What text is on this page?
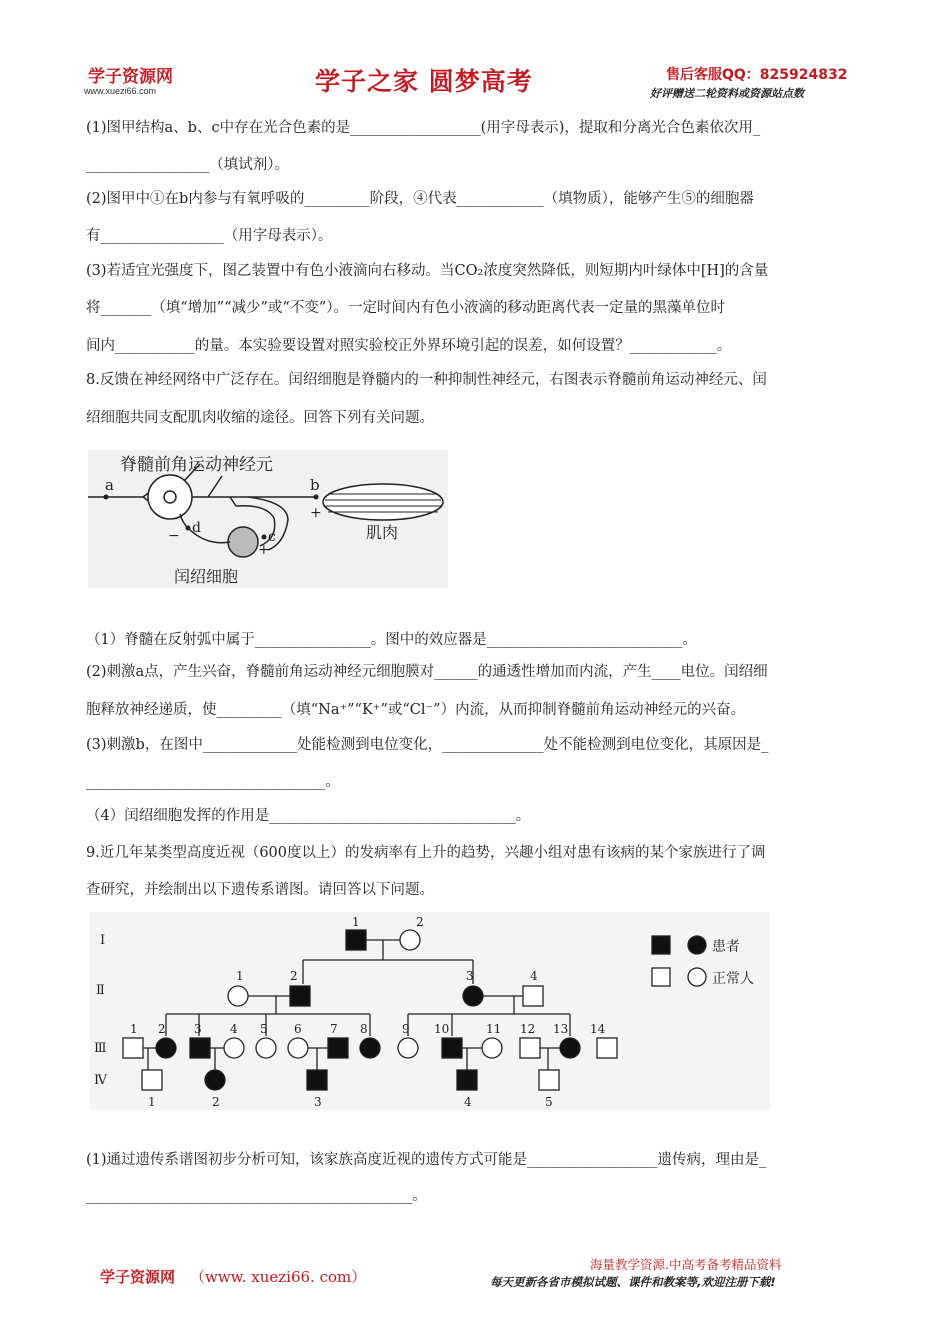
学子资源网
www.xuezi66.com	学子之家 圆梦高考	售后客服QQ：825924832
好评赠送二轮资料或资源站点数
(1)图甲结构a、b、c中存在光合色素的是__________________(用字母表示)，提取和分离光合色素依次用_
_________________（填试剂）。
(2)图甲中①在b内参与有氧呼吸的_________阶段，④代表____________（填物质），能够产生⑤的细胞器
有_________________（用字母表示）。
(3)若适宜光强度下，图乙装置中有色小液滴向右移动。当CO₂浓度突然降低，则短期内叶绿体中[H]的含量
将_______（填“增加”“减少”或“不变”）。一定时间内有色小液滴的移动距离代表一定量的黑藻单位时
间内___________的量。本实验要设置对照实验校正外界环境引起的误差，如何设置？____________。
8.反馈在神经网络中广泛存在。闰绍细胞是脊髓内的一种抑制性神经元，右图表示脊髓前角运动神经元、闰
绍细胞共同支配肌肉收缩的途径。回答下列有关问题。
脊髓前角运动神经元
a	b
+
肌肉
d
−	c
+
闰绍细胞
（1）脊髓在反射弧中属于________________。图中的效应器是___________________________。
(2)刺激a点，产生兴奋，脊髓前角运动神经元细胞膜对______的通透性增加而内流，产生____电位。闰绍细
胞释放神经递质，使_________（填“Na⁺”“K⁺”或“Cl⁻”）内流，从而抑制脊髓前角运动神经元的兴奋。
(3)刺激b，在图中_____________处能检测到电位变化，______________处不能检测到电位变化，其原因是_
_________________________________。
（4）闰绍细胞发挥的作用是__________________________________。
9.近几年某类型高度近视（600度以上）的发病率有上升的趋势，兴趣小组对患有该病的某个家族进行了调
查研究，并绘制出以下遗传系谱图。请回答以下问题。
Ⅰ
Ⅱ
Ⅲ
Ⅳ
1	2
1	2	3	4
1 2 3 4 5 6 7 8	9 10	11 12 13 14
1	2	3	4	5
患者
正常人
(1)通过遗传系谱图初步分析可知，该家族高度近视的遗传方式可能是__________________遗传病，理由是_
_____________________________________________。
学子资源网 （www. xuezi66. com）
海量教学资源.中高考备考精品资料
每天更新各省市模拟试题、课件和教案等,欢迎注册下载!
